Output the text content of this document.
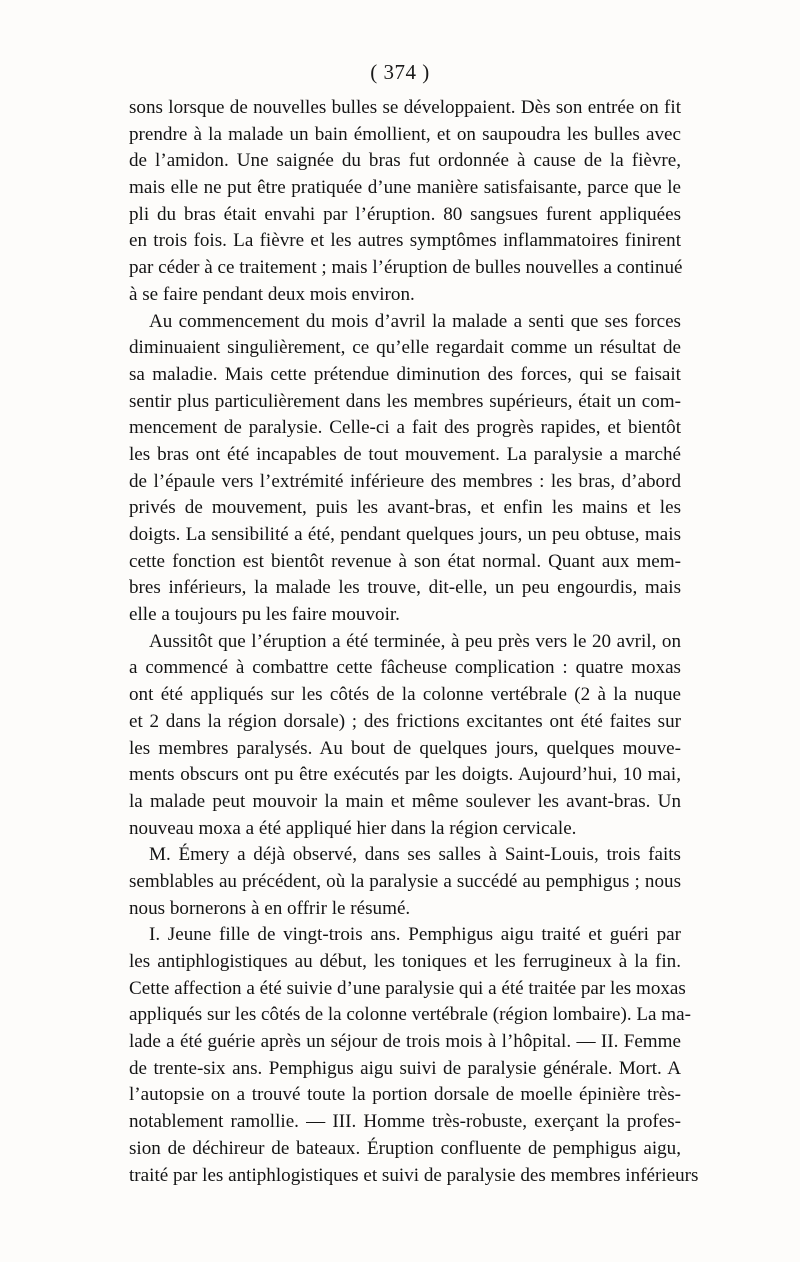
( 374 )
sons lorsque de nouvelles bulles se développaient. Dès son entrée on fit
prendre à la malade un bain émollient, et on saupoudra les bulles avec
de l’amidon. Une saignée du bras fut ordonnée à cause de la fièvre,
mais elle ne put être pratiquée d’une manière satisfaisante, parce que le
pli du bras était envahi par l’éruption. 80 sangsues furent appliquées
en trois fois. La fièvre et les autres symptômes inflammatoires finirent
par céder à ce traitement ; mais l’éruption de bulles nouvelles a continué
à se faire pendant deux mois environ.
Au commencement du mois d’avril la malade a senti que ses forces
diminuaient singulièrement, ce qu’elle regardait comme un résultat de
sa maladie. Mais cette prétendue diminution des forces, qui se faisait
sentir plus particulièrement dans les membres supérieurs, était un com-
mencement de paralysie. Celle-ci a fait des progrès rapides, et bientôt
les bras ont été incapables de tout mouvement. La paralysie a marché
de l’épaule vers l’extrémité inférieure des membres : les bras, d’abord
privés de mouvement, puis les avant-bras, et enfin les mains et les
doigts. La sensibilité a été, pendant quelques jours, un peu obtuse, mais
cette fonction est bientôt revenue à son état normal. Quant aux mem-
bres inférieurs, la malade les trouve, dit-elle, un peu engourdis, mais
elle a toujours pu les faire mouvoir.
Aussitôt que l’éruption a été terminée, à peu près vers le 20 avril, on
a commencé à combattre cette fâcheuse complication : quatre moxas
ont été appliqués sur les côtés de la colonne vertébrale (2 à la nuque
et 2 dans la région dorsale) ; des frictions excitantes ont été faites sur
les membres paralysés. Au bout de quelques jours, quelques mouve-
ments obscurs ont pu être exécutés par les doigts. Aujourd’hui, 10 mai,
la malade peut mouvoir la main et même soulever les avant-bras. Un
nouveau moxa a été appliqué hier dans la région cervicale.
M. Émery a déjà observé, dans ses salles à Saint-Louis, trois faits
semblables au précédent, où la paralysie a succédé au pemphigus ; nous
nous bornerons à en offrir le résumé.
I. Jeune fille de vingt-trois ans. Pemphigus aigu traité et guéri par
les antiphlogistiques au début, les toniques et les ferrugineux à la fin.
Cette affection a été suivie d’une paralysie qui a été traitée par les moxas
appliqués sur les côtés de la colonne vertébrale (région lombaire). La ma-
lade a été guérie après un séjour de trois mois à l’hôpital. — II. Femme
de trente-six ans. Pemphigus aigu suivi de paralysie générale. Mort. A
l’autopsie on a trouvé toute la portion dorsale de moelle épinière très-
notablement ramollie. — III. Homme très-robuste, exerçant la profes-
sion de déchireur de bateaux. Éruption confluente de pemphigus aigu,
traité par les antiphlogistiques et suivi de paralysie des membres inférieurs
